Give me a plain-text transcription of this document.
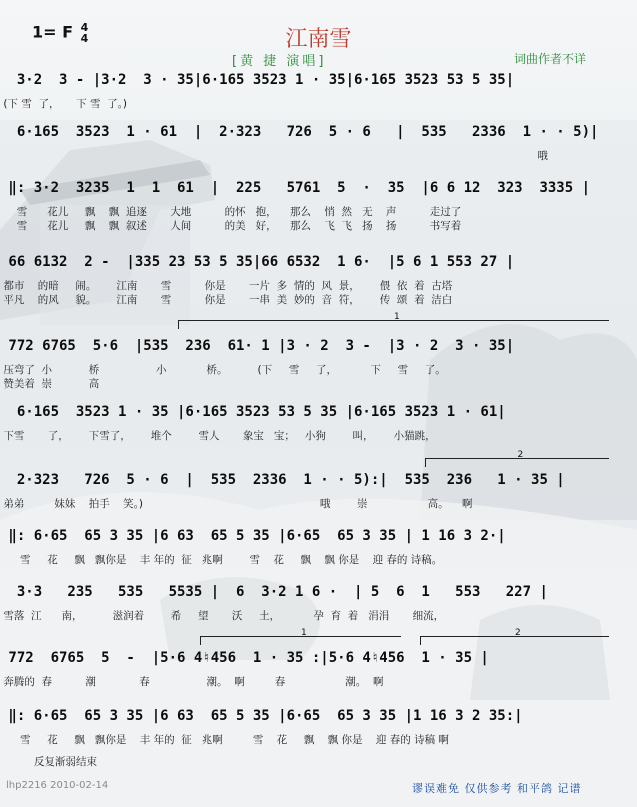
1= F 4
4	江南雪
[黄 捷 演唱]	词曲作者不详
3·2  3 - |3·2  3 · 35|6·165 3523 1 · 35|6·165 3523 53 5 35|
(下 雪  了，     下 雪  了。)
6·165  3523  1 · 61  |  2·323   726  5 · 6   |  535   2336  1 · · 5)|
哦
‖: 3·2  3235  1  1  61  |  225   5761  5  ·  35  |6 6 12  323  3335 |
雪      花儿     飘    飘  追逐       大地          的怀   抱，    那么    悄  然   无    声          走过了
雪      花儿     飘    飘  叙述       人间          的美   好，    那么    飞  飞   扬    扬          书写着
66 6132  2 -  |335 23 53 5 35|66 6532  1 6·  |5 6 1 553 27 |
都市    的暗     闹。      江南       雪          你是       一片  多  情的  风  景，      偎  依  着  古塔
平凡    的风     貌。      江南       雪          你是       一串  美  妙的  音  符，      传  颂  着  洁白
772 6765  5·6  |535  236  61· 1 |3 · 2  3 -  |3 · 2  3 · 35|
压弯了  小           桥                 小            桥。         (下     雪     了，          下     雪     了。
赞美着  崇           高
6·165  3523 1 · 35 |6·165 3523 53 5 35 |6·165 3523 1 · 61|
下雪       了，      下雪了，      堆个        雪人       象宝   宝；   小狗        叫，      小猫跳，
2·323   726  5 · 6  |  535  2336  1 · · 5):|  535  236   1 · 35 |
弟弟         妹妹    拍手    笑。)                                                     哦        崇                  高。    啊
‖: 6·65  65 3 35 |6 63  65 5 35 |6·65  65 3 35 | 1 16 3 2·|
雪     花     飘   飘你是    丰 年的  征   兆啊        雪    花     飘    飘 你是    迎 春的 诗稿。
3·3   235   535   5535 |  6  3·2 1 6 ·  | 5  6  1   553   227 |
雪落  江      南，         滋润着        希     望       沃     土，          孕  育  着   涓涓       细流，
772  6765  5  -  |5·6 4♮456  1 · 35 :|5·6 4♮456  1 · 35 |
奔腾的  春          潮             春                 潮。  啊         春                  潮。  啊
‖: 6·65  65 3 35 |6 63  65 5 35 |6·65  65 3 35 |1 16 3 2 35:|
雪     花     飘   飘你是    丰 年的  征   兆啊         雪    花     飘    飘 你是    迎 春的 诗稿 啊
1
2
1	2
反复渐弱结束
lhp2216 2010-02-14	谬误难免 仅供参考 和平鸽 记谱
